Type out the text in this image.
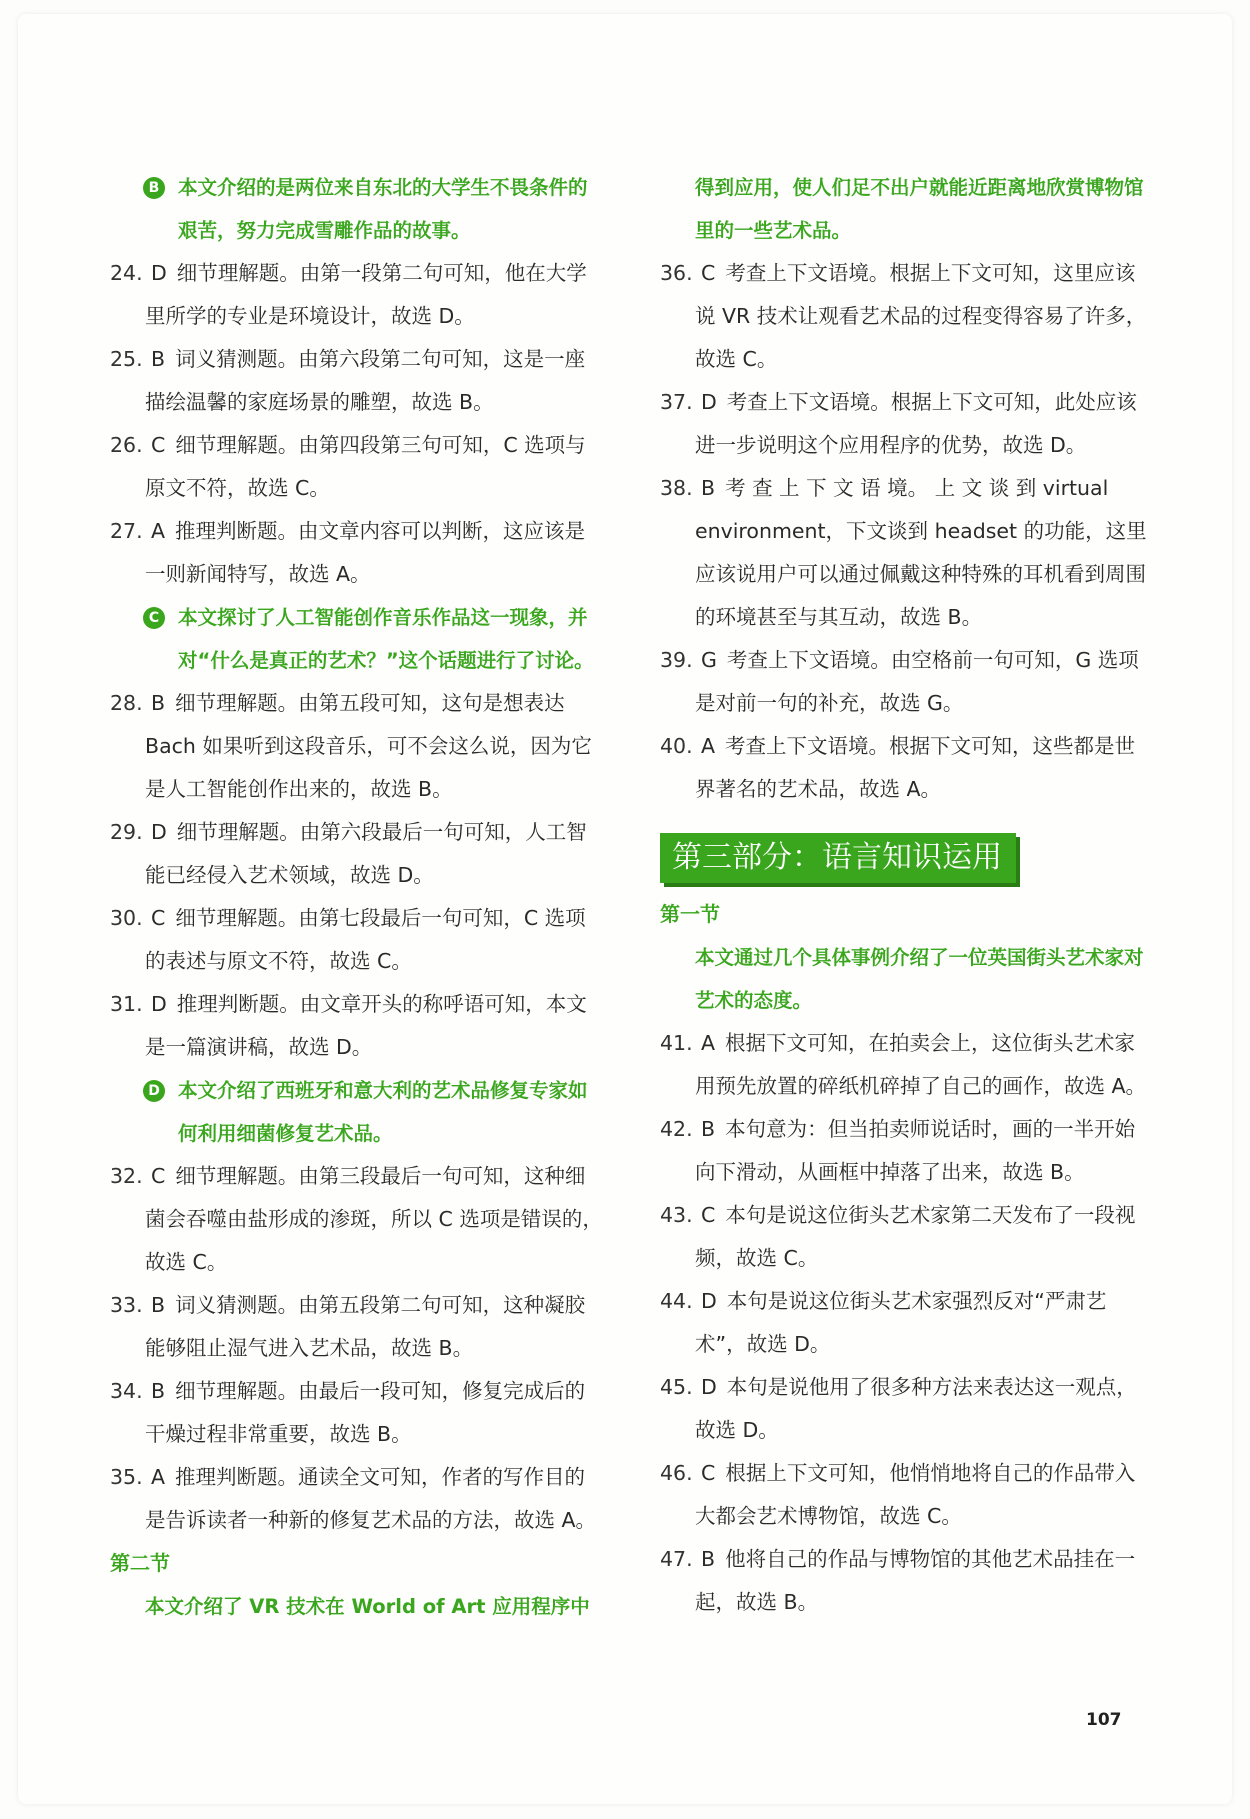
B 本文介绍的是两位来自东北的大学生不畏条件的艰苦，努力完成雪雕作品的故事。
24. D 细节理解题。由第一段第二句可知，他在大学里所学的专业是环境设计，故选 D。
25. B 词义猜测题。由第六段第二句可知，这是一座描绘温馨的家庭场景的雕塑，故选 B。
26. C 细节理解题。由第四段第三句可知，C 选项与原文不符，故选 C。
27. A 推理判断题。由文章内容可以判断，这应该是一则新闻特写，故选 A。
C 本文探讨了人工智能创作音乐作品这一现象，并对“什么是真正的艺术？”这个话题进行了讨论。
28. B 细节理解题。由第五段可知，这句是想表达 Bach 如果听到这段音乐，可不会这么说，因为它是人工智能创作出来的，故选 B。
29. D 细节理解题。由第六段最后一句可知，人工智能已经侵入艺术领域，故选 D。
30. C 细节理解题。由第七段最后一句可知，C 选项的表述与原文不符，故选 C。
31. D 推理判断题。由文章开头的称呼语可知，本文是一篇演讲稿，故选 D。
D 本文介绍了西班牙和意大利的艺术品修复专家如何利用细菌修复艺术品。
32. C 细节理解题。由第三段最后一句可知，这种细菌会吞噬由盐形成的渗斑，所以 C 选项是错误的，故选 C。
33. B 词义猜测题。由第五段第二句可知，这种凝胶能够阻止湿气进入艺术品，故选 B。
34. B 细节理解题。由最后一段可知，修复完成后的干燥过程非常重要，故选 B。
35. A 推理判断题。通读全文可知，作者的写作目的是告诉读者一种新的修复艺术品的方法，故选 A。
第二节
本文介绍了 VR 技术在 World of Art 应用程序中
得到应用，使人们足不出户就能近距离地欣赏博物馆里的一些艺术品。
36. C 考查上下文语境。根据上下文可知，这里应该说 VR 技术让观看艺术品的过程变得容易了许多，故选 C。
37. D 考查上下文语境。根据上下文可知，此处应该进一步说明这个应用程序的优势，故选 D。
38. B 考 查 上 下 文 语 境。 上 文 谈 到 virtual environment，下文谈到 headset 的功能，这里应该说用户可以通过佩戴这种特殊的耳机看到周围的环境甚至与其互动，故选 B。
39. G 考查上下文语境。由空格前一句可知，G 选项是对前一句的补充，故选 G。
40. A 考查上下文语境。根据下文可知，这些都是世界著名的艺术品，故选 A。
第三部分：语言知识运用
第一节
本文通过几个具体事例介绍了一位英国街头艺术家对艺术的态度。
41. A 根据下文可知，在拍卖会上，这位街头艺术家用预先放置的碎纸机碎掉了自己的画作，故选 A。
42. B 本句意为：但当拍卖师说话时，画的一半开始向下滑动，从画框中掉落了出来，故选 B。
43. C 本句是说这位街头艺术家第二天发布了一段视频，故选 C。
44. D 本句是说这位街头艺术家强烈反对“严肃艺术”，故选 D。
45. D 本句是说他用了很多种方法来表达这一观点，故选 D。
46. C 根据上下文可知，他悄悄地将自己的作品带入大都会艺术博物馆，故选 C。
47. B 他将自己的作品与博物馆的其他艺术品挂在一起，故选 B。
107
